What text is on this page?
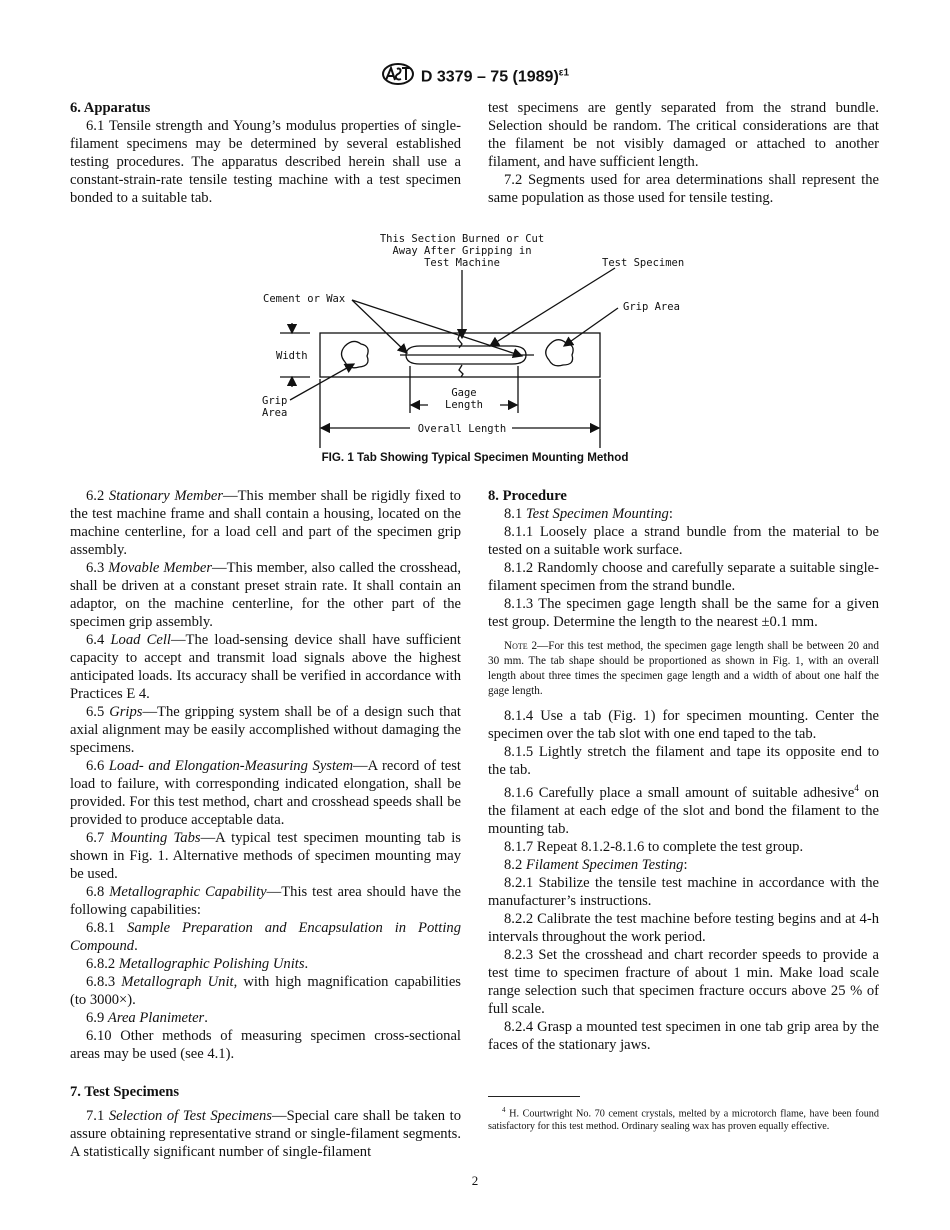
D 3379 – 75 $(1989)^{\varepsilon 1}$
6. Apparatus

6.1 Tensile strength and Young’s modulus properties of single-filament specimens may be determined by several established testing procedures. The apparatus described herein shall use a constant-strain-rate tensile testing machine with a test specimen bonded to a suitable tab.

test specimens are gently separated from the strand bundle. Selection should be random. The critical considerations are that the filament be not visibly damaged or attached to another filament, and have sufficient length.

7.2 Segments used for area determinations shall represent the same population as those used for tensile testing.

This Section Burned or Cut
Away After Gripping in
Test Machine	Test Specimen
Cement or Wax
Grip Area
Width
Grip
Area
Gage
Length
Overall Length
FIG. 1 Tab Showing Typical Specimen Mounting Method

6.2 Stationary Member—This member shall be rigidly fixed to the test machine frame and shall contain a housing, located on the machine centerline, for a load cell and part of the specimen grip assembly.

6.3 Movable Member—This member, also called the crosshead, shall be driven at a constant preset strain rate. It shall contain an adaptor, on the machine centerline, for the other part of the specimen grip assembly.

6.4 Load Cell—The load-sensing device shall have sufficient capacity to accept and transmit load signals above the highest anticipated loads. Its accuracy shall be verified in accordance with Practices E 4.

6.5 Grips—The gripping system shall be of a design such that axial alignment may be easily accomplished without damaging the specimens.

6.6 Load- and Elongation-Measuring System—A record of test load to failure, with corresponding indicated elongation, shall be provided. For this test method, chart and crosshead speeds shall be provided to produce acceptable data.

6.7 Mounting Tabs—A typical test specimen mounting tab is shown in Fig. 1. Alternative methods of specimen mounting may be used.

6.8 Metallographic Capability—This test area should have the following capabilities:

6.8.1 Sample Preparation and Encapsulation in Potting Compound.

6.8.2 Metallographic Polishing Units.

6.8.3 Metallograph Unit, with high magnification capabilities (to 3000×).

6.9 Area Planimeter.

6.10 Other methods of measuring specimen cross-sectional areas may be used (see 4.1).

7. Test Specimens

7.1 Selection of Test Specimens—Special care shall be taken to assure obtaining representative strand or single-filament segments. A statistically significant number of single-filament

8. Procedure

8.1 Test Specimen Mounting:

8.1.1 Loosely place a strand bundle from the material to be tested on a suitable work surface.

8.1.2 Randomly choose and carefully separate a suitable single-filament specimen from the strand bundle.

8.1.3 The specimen gage length shall be the same for a given test group. Determine the length to the nearest ±0.1 mm.

Note 2—For this test method, the specimen gage length shall be between 20 and 30 mm. The tab shape should be proportioned as shown in Fig. 1, with an overall length about three times the specimen gage length and a width of about one half the gage length.

8.1.4 Use a tab (Fig. 1) for specimen mounting. Center the specimen over the tab slot with one end taped to the tab.

8.1.5 Lightly stretch the filament and tape its opposite end to the tab.

8.1.6 Carefully place a small amount of suitable adhesive$^4$ on the filament at each edge of the slot and bond the filament to the mounting tab.

8.1.7 Repeat 8.1.2-8.1.6 to complete the test group.

8.2 Filament Specimen Testing:

8.2.1 Stabilize the tensile test machine in accordance with the manufacturer’s instructions.

8.2.2 Calibrate the test machine before testing begins and at 4-h intervals throughout the work period.

8.2.3 Set the crosshead and chart recorder speeds to provide a test time to specimen fracture of about 1 min. Make load scale range selection such that specimen fracture occurs above 25 % of full scale.

8.2.4 Grasp a mounted test specimen in one tab grip area by the faces of the stationary jaws.

$^4$ H. Courtwright No. 70 cement crystals, melted by a microtorch flame, have been found satisfactory for this test method. Ordinary sealing wax has proven equally effective.
2
